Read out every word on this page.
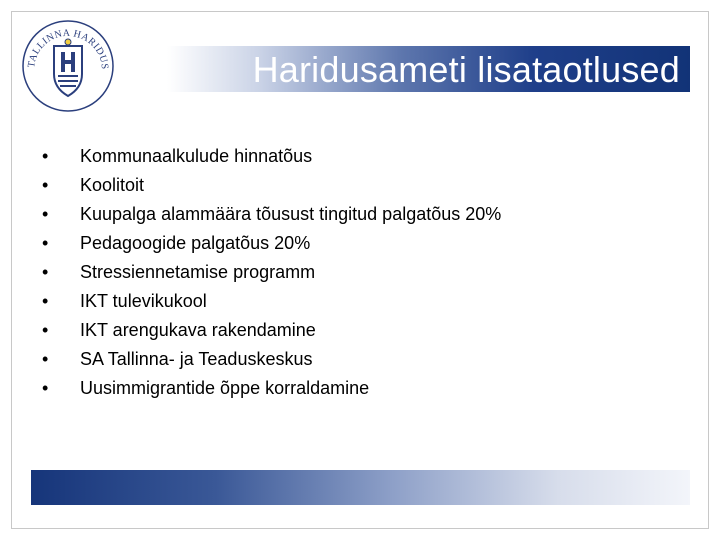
TALLINNA HARIDUS	Haridusameti lisataotlused
• Kommunaalkulude hinnatõus
• Koolitoit
• Kuupalga alammäära tõusust tingitud palgatõus 20%
• Pedagoogide palgatõus 20%
• Stressiennetamise programm
• IKT tulevikukool
• IKT arengukava rakendamine
• SA Tallinna- ja Teaduskeskus
• Uusimmigrantide õppe korraldamine
